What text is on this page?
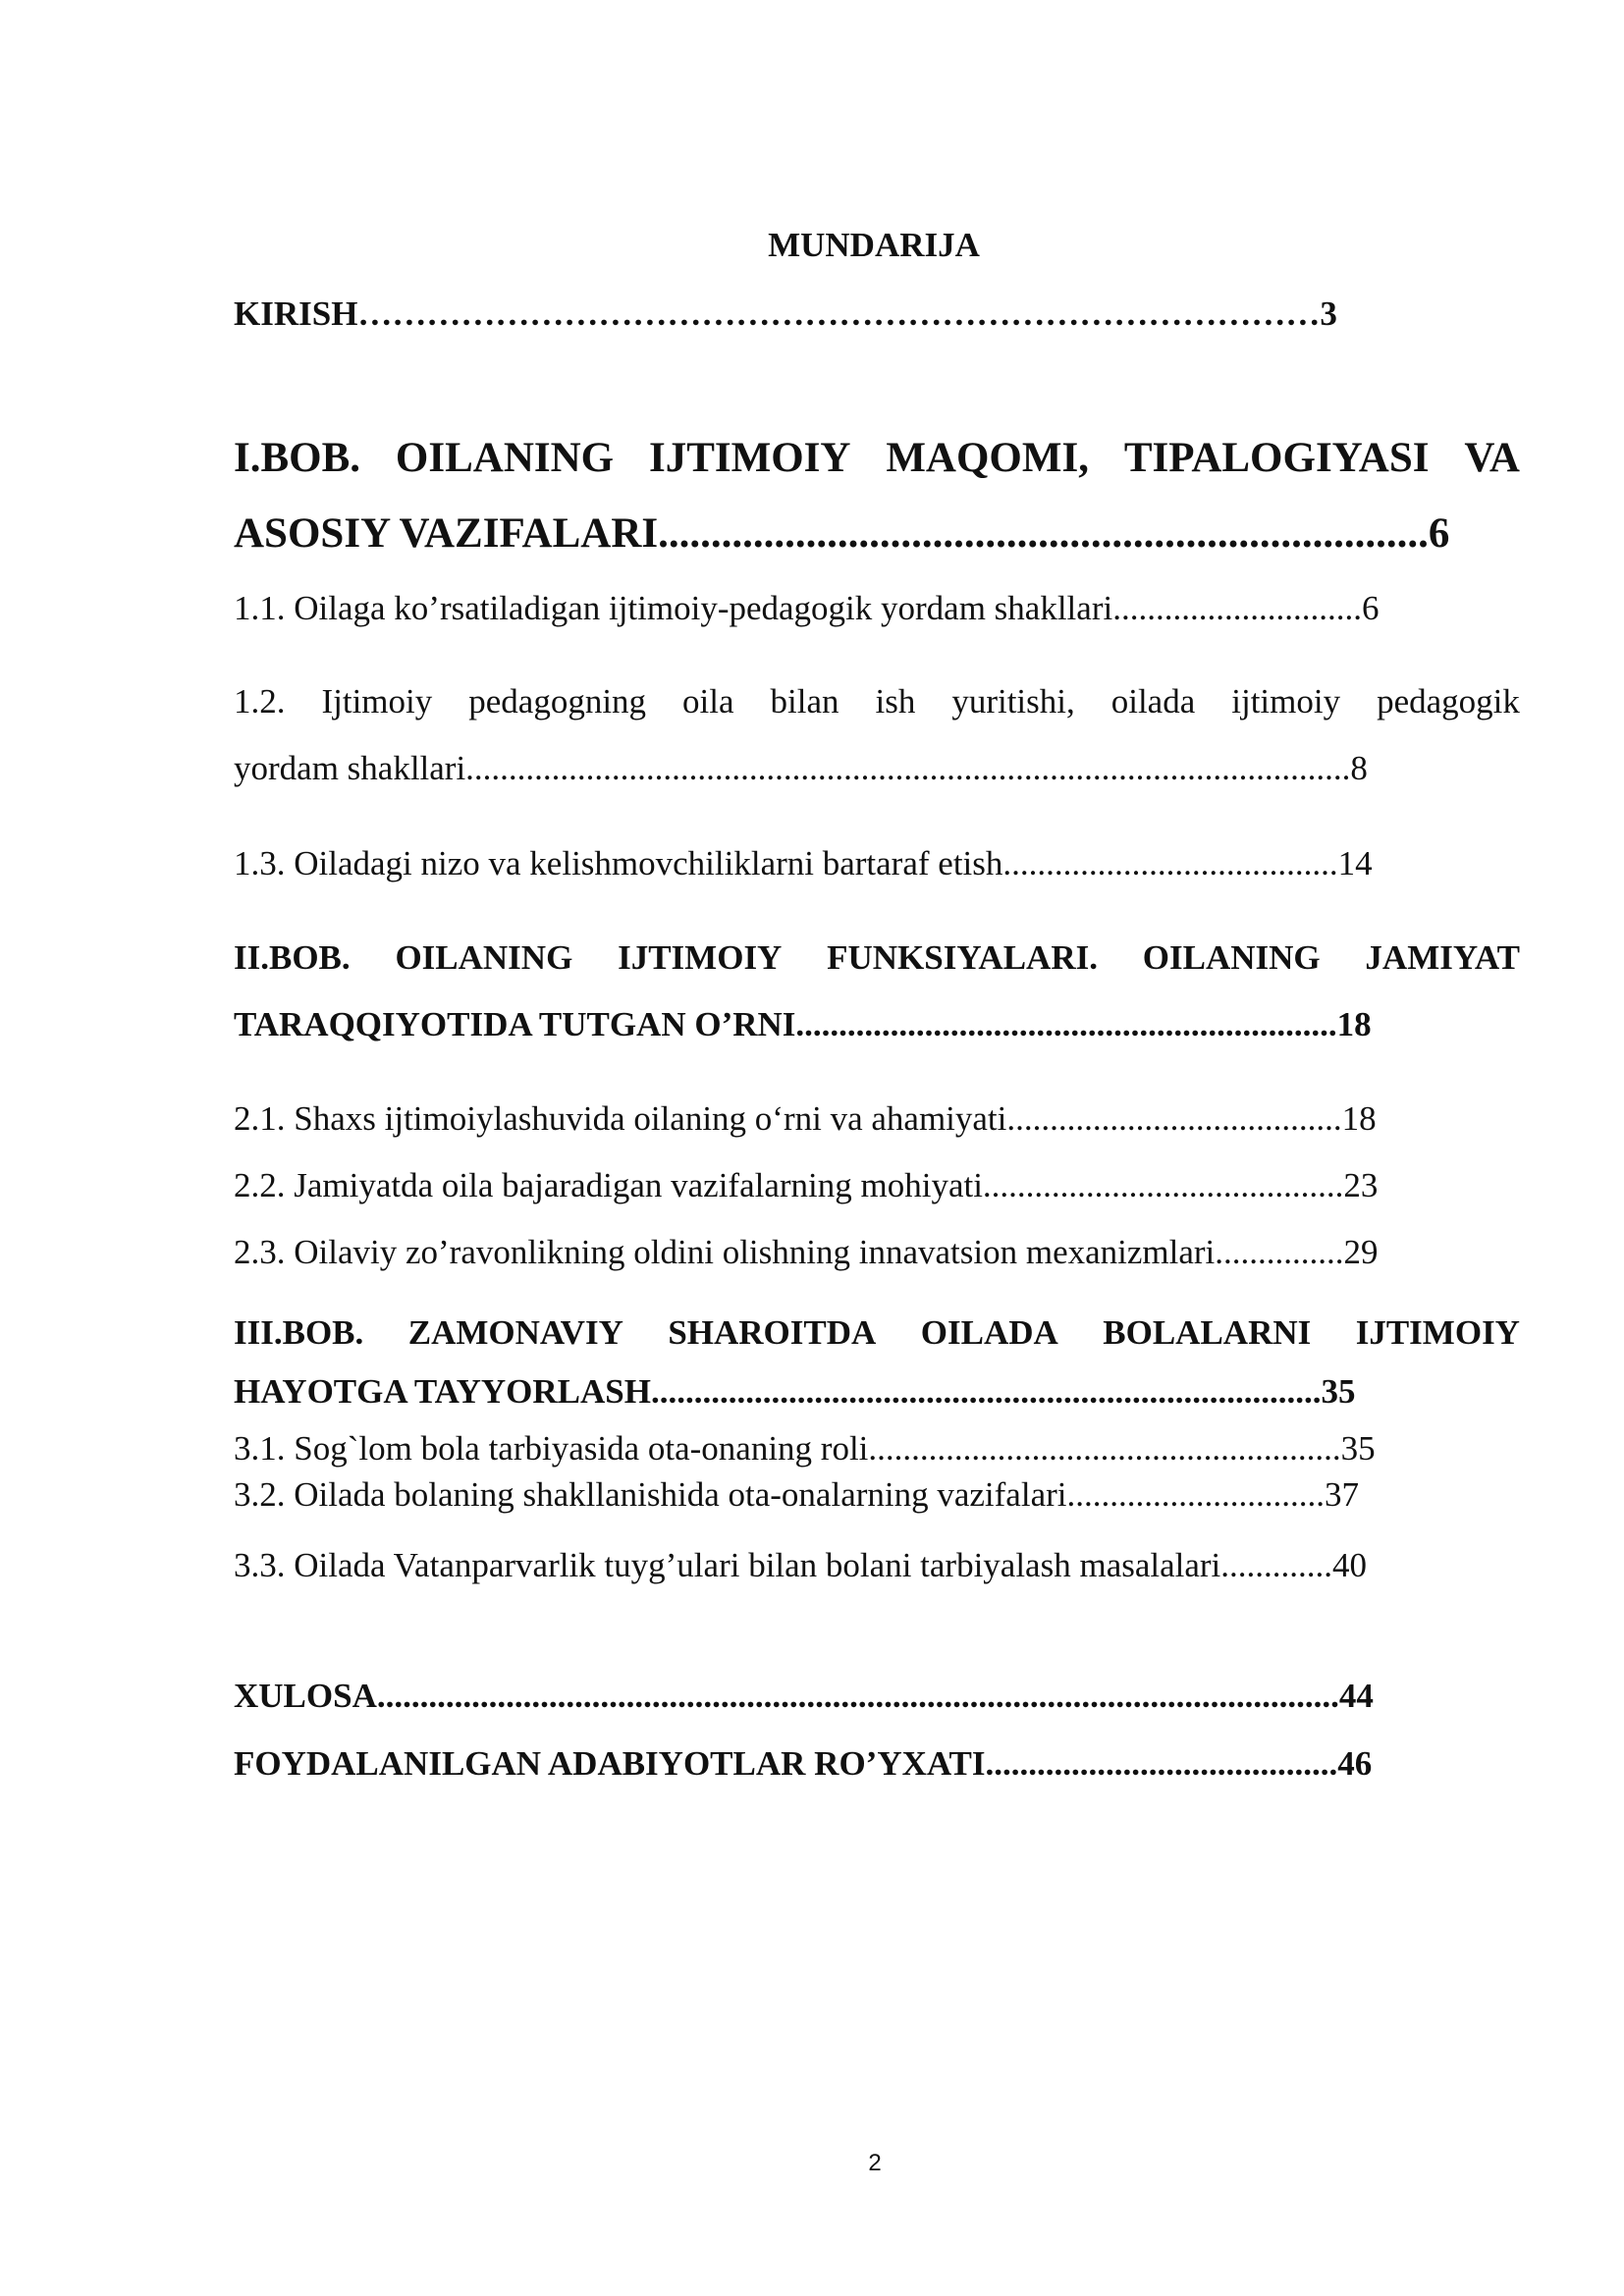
MUNDARIJA
KIRISH…………………………………………………………………………3
I.BOB. OILANING IJTIMOIY MAQOMI, TIPALOGIYASI VA
ASOSIY VAZIFALARI.........................................................................6
1.1. Oilaga ko’rsatiladigan ijtimoiy-pedagogik yordam shakllari.............................6
1.2. Ijtimoiy pedagogning oila bilan ish yuritishi, oilada ijtimoiy pedagogik
yordam shakllari.......................................................................................................8
1.3. Oiladagi nizo va kelishmovchiliklarni bartaraf etish.......................................14
II.BOB. OILANING IJTIMOIY FUNKSIYALARI. OILANING JAMIYAT
TARAQQIYOTIDA TUTGAN O’RNI...............................................................18
2.1. Shaxs ijtimoiylashuvida oilaning o‘rni va ahamiyati.......................................18
2.2. Jamiyatda oila bajaradigan vazifalarning mohiyati..........................................23
2.3. Oilaviy zo’ravonlikning oldini olishning innavatsion mexanizmlari...............29
III.BOB. ZAMONAVIY SHAROITDA OILADA BOLALARNI IJTIMOIY
HAYOTGA TAYYORLASH..............................................................................35
3.1. Sog`lom bola tarbiyasida ota-onaning roli.......................................................35
3.2. Oilada bolaning shakllanishida ota-onalarning vazifalari..............................37
3.3. Oilada Vatanparvarlik tuyg’ulari bilan bolani tarbiyalash masalalari.............40
XULOSA................................................................................................................44
FOYDALANILGAN ADABIYOTLAR RO’YXATI.........................................46
2
